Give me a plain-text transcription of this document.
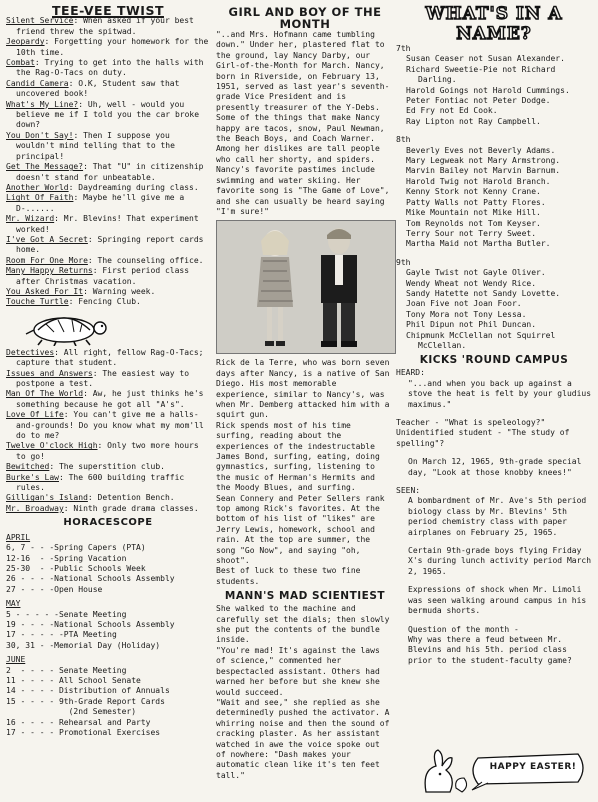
TEE-VEE TWIST

Silent Service: When asked if your best friend threw the spitwad.

Jeopardy: Forgetting your homework for the 10th time.

Combat: Trying to get into the halls with the Rag-O-Tacs on duty.

Candid Camera: O.K, Student saw that uncovered book!

What's My Line?: Uh, well - would you believe me if I told you the car broke down?

You Don't Say!: Then I suppose you wouldn't mind telling that to the principal!

Get The Message?: That "U" in citizenship doesn't stand for unbeatable.

Another World: Daydreaming during class.

Light Of Faith: Maybe he'll give me a D-......

Mr. Wizard: Mr. Blevins! That experiment worked!

I've Got A Secret: Springing report cards home.

Room For One More: The counseling office.

Many Happy Returns: First period class after Christmas vacation.

You Asked For It: Warning week.

Touche Turtle: Fencing Club.

Detectives: All right, fellow Rag-O-Tacs; capture that student.

Issues and Answers: The easiest way to postpone a test.

Man Of The World: Aw, he just thinks he's something because he got all "A's".

Love Of Life: You can't give me a halls-and-grounds! Do you know what my mom'll do to me?

Twelve O'clock High: Only two more hours to go!

Bewitched: The superstition club.

Burke's Law: The 600 building traffic rules.

Gilligan's Island: Detention Bench.

Mr. Broadway: Ninth grade drama classes.

HORACESCOPE
APRIL
6, 7 - - -Spring Capers (PTA)
12-16  - -Spring Vacation
25-30  - -Public Schools Week
26 - - - -National Schools Assembly
27 - - - -Open House
MAY
5 - - - - -Senate Meeting
19 - - - -National Schools Assembly
17 - - - - -PTA Meeting
30, 31 - -Memorial Day (Holiday)
JUNE
2  - - - - Senate Meeting
11 - - - - All School Senate
14 - - - - Distribution of Annuals
15 - - - - 9th-Grade Report Cards
(2nd Semester)
16 - - - - Rehearsal and Party
17 - - - - Promotional Exercises
GIRL AND BOY OF THE MONTH

"..and Mrs. Hofmann came tumbling down." Under her, plastered flat to the ground, lay Nancy Darby, our Girl-of-the-Month for March. Nancy, born in Riverside, on February 13, 1951, served as last year's seventh-grade Vice President and is presently treasurer of the Y-Debs.

Some of the things that make Nancy happy are tacos, snow, Paul Newman, the Beach Boys, and Coach Warner. Among her dislikes are tall people who call her shorty, and spiders.

Nancy's favorite pastimes include swimming and water skiing. Her favorite song is "The Game of Love", and she can usually be heard saying "I'm sure!"

Rick de la Terre, who was born seven days after Nancy, is a native of San Diego. His most memorable experience, similar to Nancy's, was when Mr. Demberg attacked him with a squirt gun.

Rick spends most of his time surfing, reading about the experiences of the indestructable James Bond, surfing, eating, doing gymnastics, surfing, listening to the music of Herman's Hermits and the Moody Blues, and surfing.

Sean Connery and Peter Sellers rank top among Rick's favorites. At the bottom of his list of "likes" are Jerry Lewis, homework, school and rain. At the top are summer, the song "Go Now", and saying "oh, shoot".

Best of luck to these two fine students.

MANN'S MAD SCIENTIEST

She walked to the machine and carefully set the dials; then slowly she put the contents of the bundle inside.

"You're mad! It's against the laws of science," commented her bespectacled assistant. Others had warned her before but she knew she would succeed.

"Wait and see," she replied as she determinedly pushed the activator. A whirring noise and then the sound of cracking plaster. As her assistant watched in awe the voice spoke out of nowhere: "Dash makes your automatic clean like it's ten feet tall."

WHAT'S IN A NAME?
7th
Susan Ceaser not Susan Alexander.
Richard Sweetie-Pie not Richard Darling.
Harold Goings not Harold Cummings.
Peter Fontiac not Peter Dodge.
Ed Fry not Ed Cook.
Ray Lipton not Ray Campbell.
8th
Beverly Eves not Beverly Adams.
Mary Legweak not Mary Armstrong.
Marvin Bailey not Marvin Barnum.
Harold Twig not Harold Branch.
Kenny Stork not Kenny Crane.
Patty Walls not Patty Flores.
Mike Mountain not Mike Hill.
Tom Reynolds not Tom Keyser.
Terry Sour not Terry Sweet.
Martha Maid not Martha Butler.
9th
Gayle Twist not Gayle Oliver.
Wendy Wheat not Wendy Rice.
Sandy Hatette not Sandy Lovette.
Joan Five not Joan Foor.
Tony Mora not Tony Lessa.
Phil Dipun not Phil Duncan.
Chipmunk McClellan not Squirrel McClellan.
KICKS 'ROUND CAMPUS

HEARD:

"...and when you back up against a stove the heat is felt by your gludius maximus."

Teacher - "What is speleology?" Unidentified student - "The study of spelling"?

On March 12, 1965, 9th-grade special day, "Look at those knobby knees!"

SEEN:

A bombardment of Mr. Ave's 5th period biology class by Mr. Blevins' 5th period chemistry class with paper airplanes on February 25, 1965.

Certain 9th-grade boys flying Friday X's during lunch activity period March 2, 1965.

Expressions of shock when Mr. Limoli was seen walking around campus in his bermuda shorts.

Question of the month -

Why was there a feud between Mr. Blevins and his 5th. period class prior to the student-faculty game?

HAPPY EASTER!
